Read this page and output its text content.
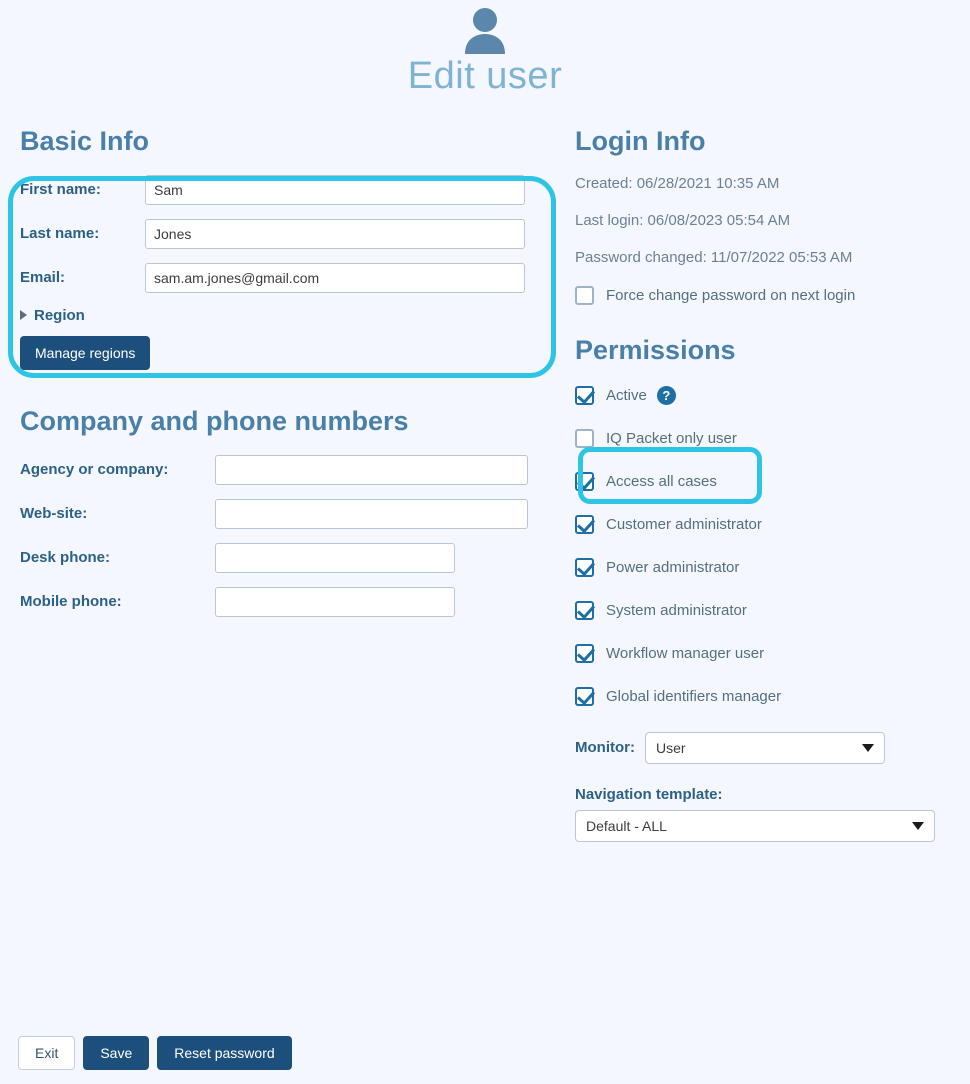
Edit user
Basic Info
First name:
Sam
Last name:
Jones
Email:
sam.am.jones@gmail.com
Region
Manage regions
Company and phone numbers
Agency or company:
Web-site:
Desk phone:
Mobile phone:
Login Info
Created: 06/28/2021 10:35 AM
Last login: 06/08/2023 05:54 AM
Password changed: 11/07/2022 05:53 AM
Force change password on next login
Permissions
Active	?
IQ Packet only user
Access all cases
Customer administrator
Power administrator
System administrator
Workflow manager user
Global identifiers manager
Monitor: User
Navigation template:
Default - ALL
Exit	Save	Reset password
